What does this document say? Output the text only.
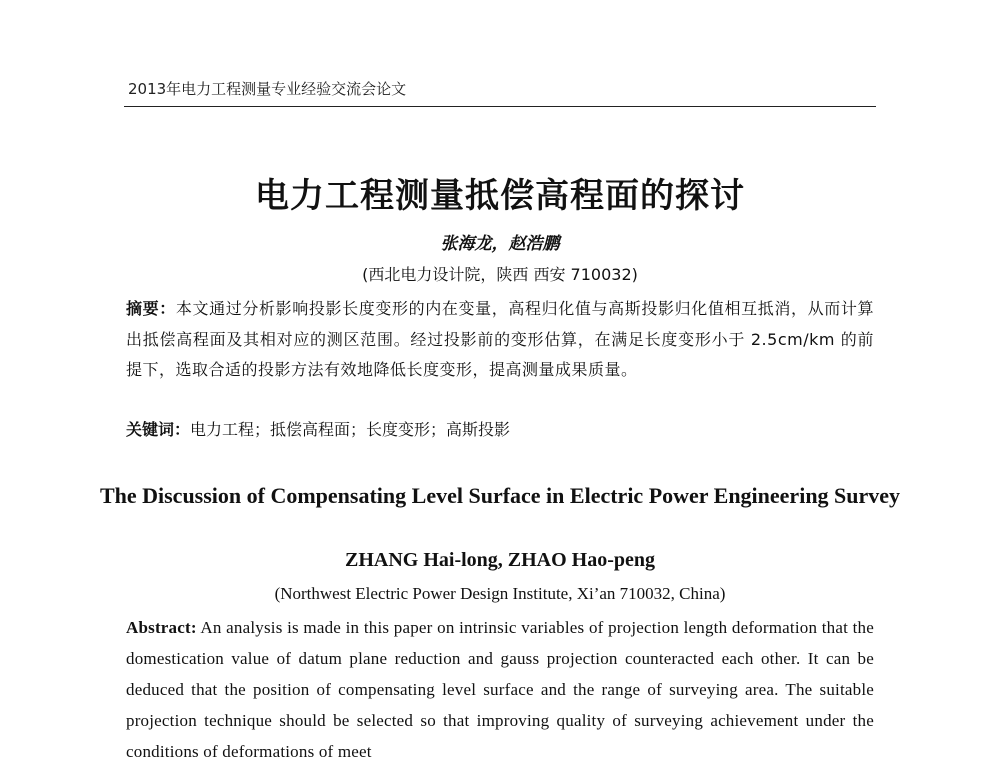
2013年电力工程测量专业经验交流会论文
电力工程测量抵偿高程面的探讨
张海龙，赵浩鹏
(西北电力设计院，陕西 西安 710032)
摘要：本文通过分析影响投影长度变形的内在变量，高程归化值与高斯投影归化值相互抵消，从而计算出抵偿高程面及其相对应的测区范围。经过投影前的变形估算，在满足长度变形小于 2.5cm/km 的前提下，选取合适的投影方法有效地降低长度变形，提高测量成果质量。
关键词：电力工程；抵偿高程面；长度变形；高斯投影
The Discussion of Compensating Level Surface in Electric Power Engineering Survey
ZHANG Hai-long, ZHAO Hao-peng
(Northwest Electric Power Design Institute, Xi’an 710032, China)
Abstract: An analysis is made in this paper on intrinsic variables of projection length deformation that the domestication value of datum plane reduction and gauss projection counteracted each other. It can be deduced that the position of compensating level surface and the range of surveying area. The suitable projection technique should be selected so that improving quality of surveying achievement under the conditions of deformations of meet
